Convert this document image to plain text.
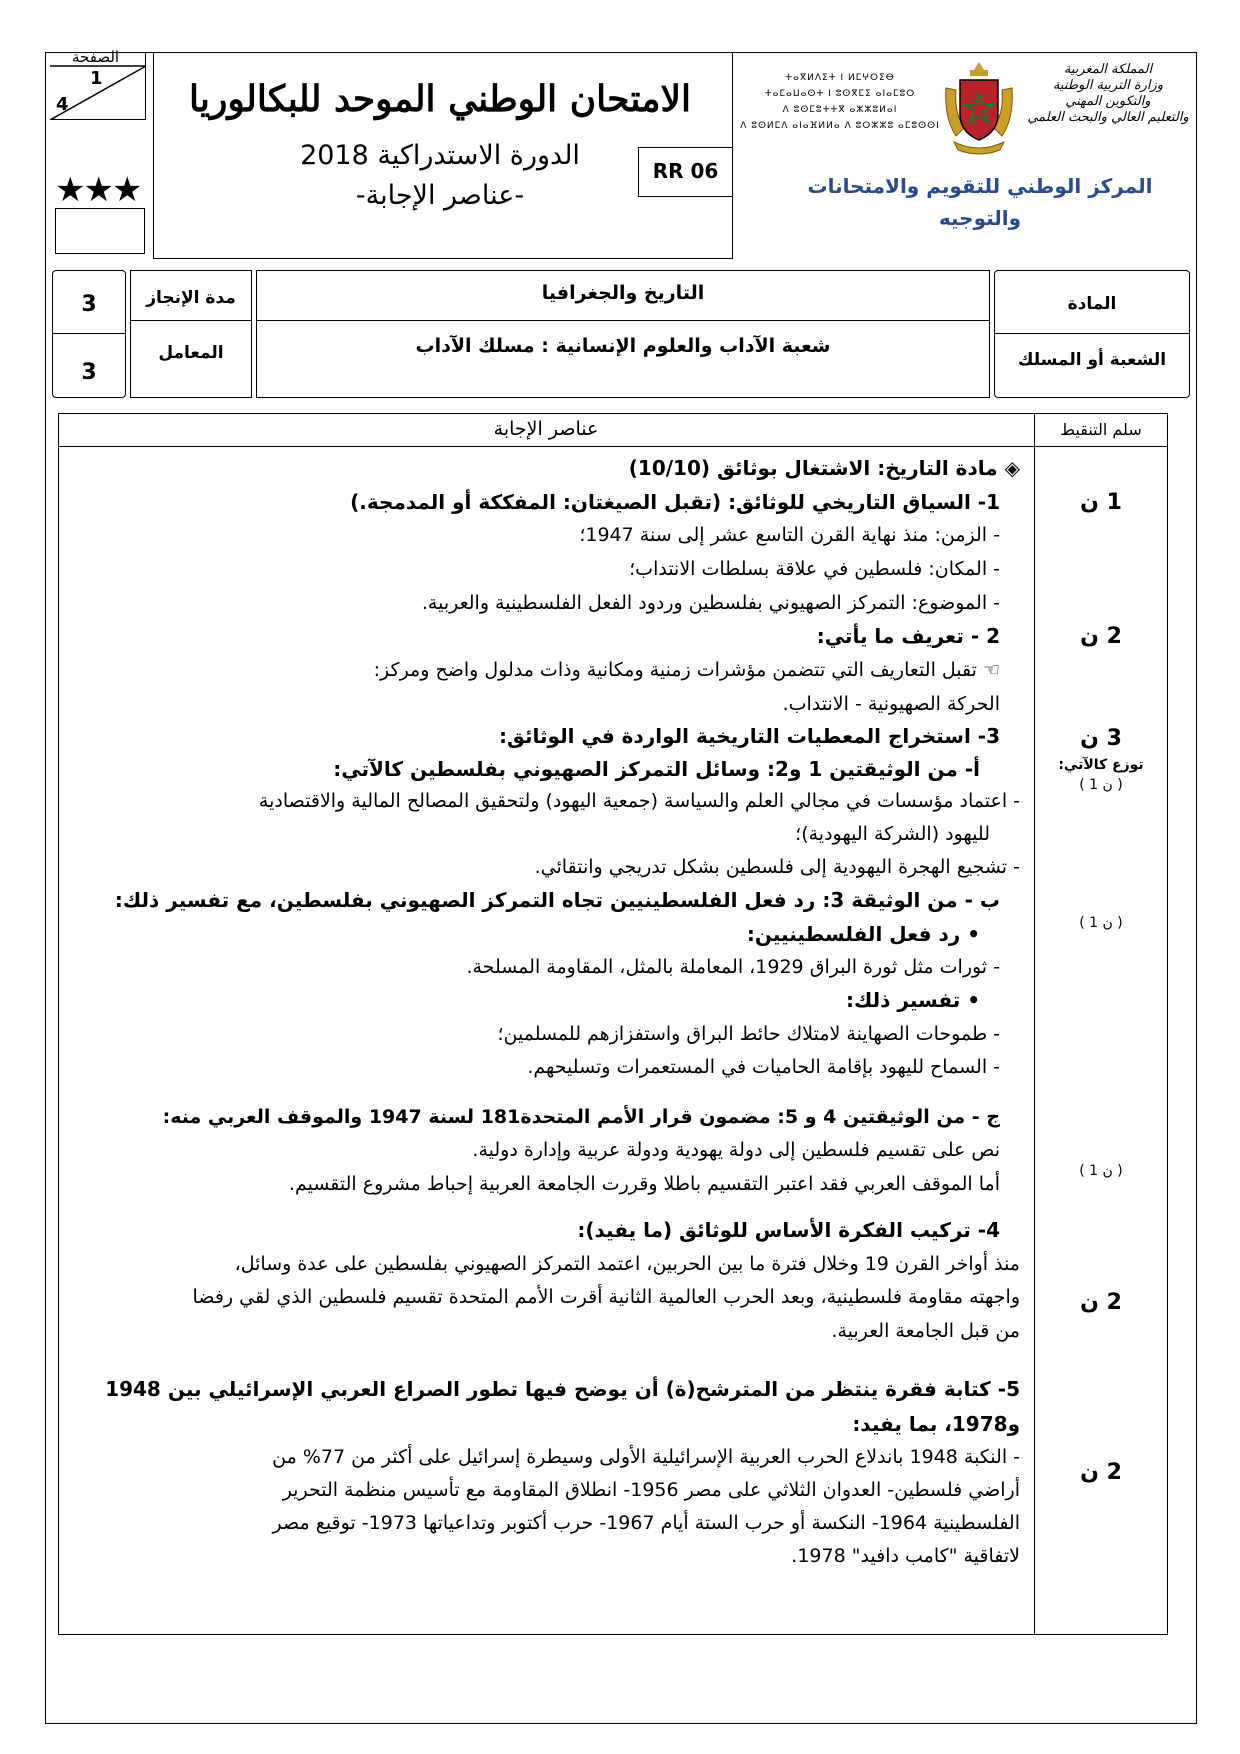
الصفحة
1
4
★★★
الامتحان الوطني الموحد للبكالوريا
الدورة الاستدراكية 2018
-عناصر الإجابة-
RR 06
ⵜⴰⴳⵍⴷⵉⵜ ⵏ ⵍⵎⵖⵔⵉⴱ
ⵜⴰⵎⴰⵡⴰⵙⵜ ⵏ ⵓⵙⴳⵎⵉ ⴰⵏⴰⵎⵓⵔ
ⴷ ⵓⵙⵎⵓⵜⵜⴳ ⴰⵣⵣⵓⵍⴰⵏ
ⴷ ⵓⵙⵍⵎⴷ ⴰⵏⴰⴼⵍⵍⴰ ⴷ ⵓⵔⵣⵣⵓ ⴰⵎⵓⵙⵙⵏ
المملكة المغربية
وزارة التربية الوطنية
والتكوين المهني
والتعليم العالي والبحث العلمي
المركز الوطني للتقويم والامتحانات
والتوجيه
3
3
مدة الإنجاز
المعامل
التاريخ والجغرافيا
شعبة الآداب والعلوم الإنسانية : مسلك الآداب
المادة
الشعبة أو المسلك
عناصر الإجابة	سلم التنقيط
1 ن
2 ن
3 ن
توزع كالآتي:
( 1 ن )
( 1 ن )
( 1 ن )
2 ن
2 ن
◈ مادة التاريخ: الاشتغال بوثائق (10/10)
1- السياق التاريخي للوثائق: (تقبل الصيغتان: المفككة أو المدمجة.)
- الزمن: منذ نهاية القرن التاسع عشر إلى سنة 1947؛
- المكان: فلسطين في علاقة بسلطات الانتداب؛
- الموضوع: التمركز الصهيوني بفلسطين وردود الفعل الفلسطينية والعربية.
2 - تعريف ما يأتي:
☜ تقبل التعاريف التي تتضمن مؤشرات زمنية ومكانية وذات مدلول واضح ومركز:
الحركة الصهيونية - الانتداب.
3- استخراج المعطيات التاريخية الواردة في الوثائق:
أ- من الوثيقتين 1 و2: وسائل التمركز الصهيوني بفلسطين كالآتي:
- اعتماد مؤسسات في مجالي العلم والسياسة (جمعية اليهود) ولتحقيق المصالح المالية والاقتصادية
لليهود (الشركة اليهودية)؛
- تشجيع الهجرة اليهودية إلى فلسطين بشكل تدريجي وانتقائي.
ب - من الوثيقة 3: رد فعل الفلسطينيين تجاه التمركز الصهيوني بفلسطين، مع تفسير ذلك:
• رد فعل الفلسطينيين:
- ثورات مثل ثورة البراق 1929، المعاملة بالمثل، المقاومة المسلحة.
• تفسير ذلك:
- طموحات الصهاينة لامتلاك حائط البراق واستفزازهم للمسلمين؛
- السماح لليهود بإقامة الحاميات في المستعمرات وتسليحهم.
ج - من الوثيقتين 4 و 5: مضمون قرار الأمم المتحدة181 لسنة 1947 والموقف العربي منه:
نص على تقسيم فلسطين إلى دولة يهودية ودولة عربية وإدارة دولية.
أما الموقف العربي فقد اعتبر التقسيم باطلا وقررت الجامعة العربية إحباط مشروع التقسيم.
4- تركيب الفكرة الأساس للوثائق (ما يفيد):
منذ أواخر القرن 19 وخلال فترة ما بين الحربين، اعتمد التمركز الصهيوني بفلسطين على عدة وسائل،
واجهته مقاومة فلسطينية، وبعد الحرب العالمية الثانية أقرت الأمم المتحدة تقسيم فلسطين الذي لقي رفضا
من قبل الجامعة العربية.
5- كتابة فقرة ينتظر من المترشح(ة) أن يوضح فيها تطور الصراع العربي الإسرائيلي بين 1948
و1978، بما يفيد:
- النكبة 1948 باندلاع الحرب العربية الإسرائيلية الأولى وسيطرة إسرائيل على أكثر من 77% من
أراضي فلسطين- العدوان الثلاثي على مصر 1956- انطلاق المقاومة مع تأسيس منظمة التحرير
الفلسطينية 1964- النكسة أو حرب الستة أيام 1967- حرب أكتوبر وتداعياتها 1973- توقيع مصر
لاتفاقية "كامب دافيد" 1978.
